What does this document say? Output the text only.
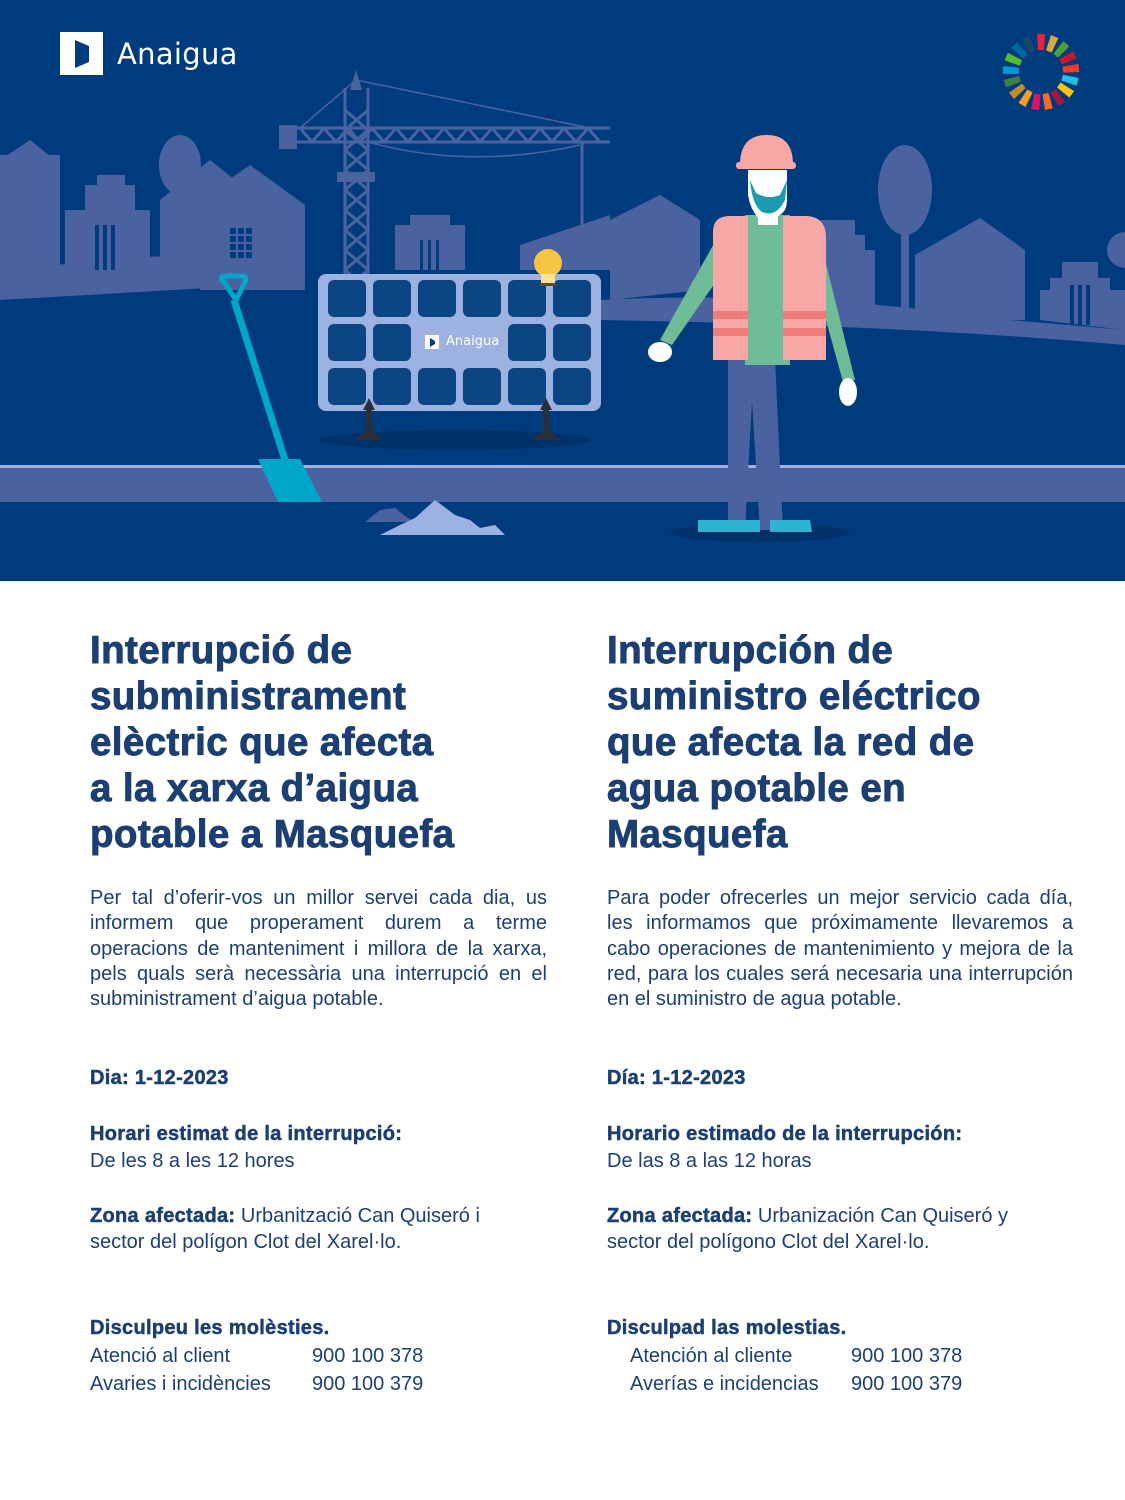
Anaigua
Anaigua
Interrupció de
subministrament
elèctric que afecta
a la xarxa d’aigua
potable a Masquefa

Per tal d’oferir-vos un millor servei cada dia, us informem que properament durem a terme operacions de manteniment i millora de la xarxa, pels quals serà necessària una interrupció en el subministrament d’aigua potable.

Dia: 1-12-2023
Horari estimat de la interrupció:
De les 8 a les 12 hores
Zona afectada: Urbanització Can Quiseró i
sector del polígon Clot del Xarel·lo.
Disculpeu les molèsties.
Atenció al client	900 100 378
Avaries i incidències	900 100 379
Interrupción de
suministro eléctrico
que afecta la red de
agua potable en
Masquefa

Para poder ofrecerles un mejor servicio cada día, les informamos que próximamente llevaremos a cabo operaciones de mantenimiento y mejora de la red, para los cuales será necesaria una interrupción en el suministro de agua potable.

Día: 1-12-2023
Horario estimado de la interrupción:
De las 8 a las 12 horas
Zona afectada: Urbanización Can Quiseró y
sector del polígono Clot del Xarel·lo.
Disculpad las molestias.
Atención al cliente	900 100 378
Averías e incidencias	900 100 379
